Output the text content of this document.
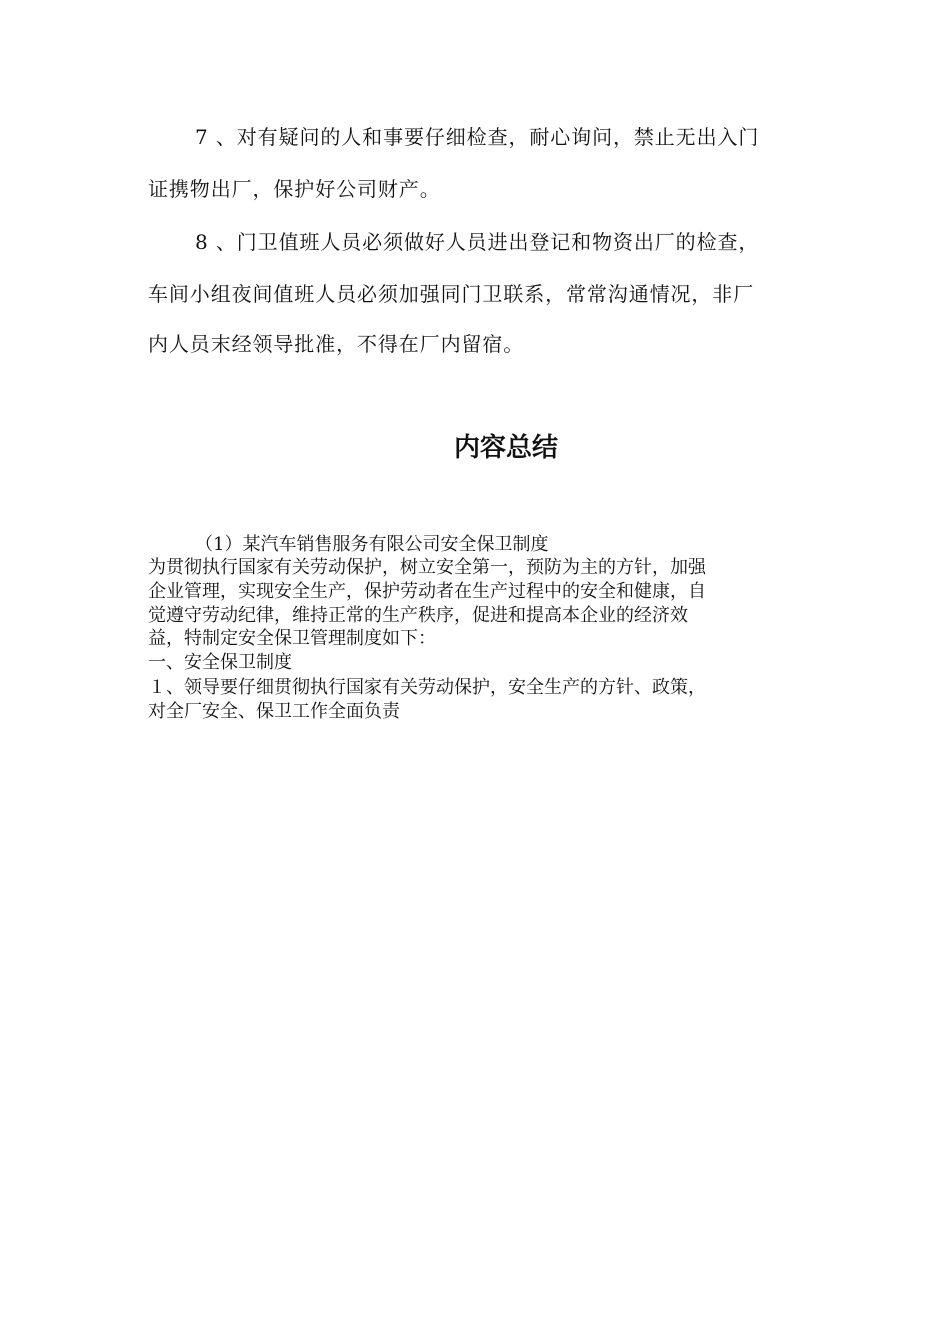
7 、对有疑问的人和事要仔细检查，耐心询问，禁止无出入门
证携物出厂，保护好公司财产。
8 、门卫值班人员必须做好人员进出登记和物资出厂的检查，
车间小组夜间值班人员必须加强同门卫联系，常常沟通情况，非厂
内人员末经领导批准，不得在厂内留宿。
内容总结
（1）某汽车销售服务有限公司安全保卫制度
为贯彻执行国家有关劳动保护，树立安全第一，预防为主的方针，加强
企业管理，实现安全生产，保护劳动者在生产过程中的安全和健康，自
觉遵守劳动纪律，维持正常的生产秩序，促进和提高本企业的经济效
益，特制定安全保卫管理制度如下：
一、安全保卫制度
１、领导要仔细贯彻执行国家有关劳动保护，安全生产的方针、政策，
对全厂安全、保卫工作全面负责
